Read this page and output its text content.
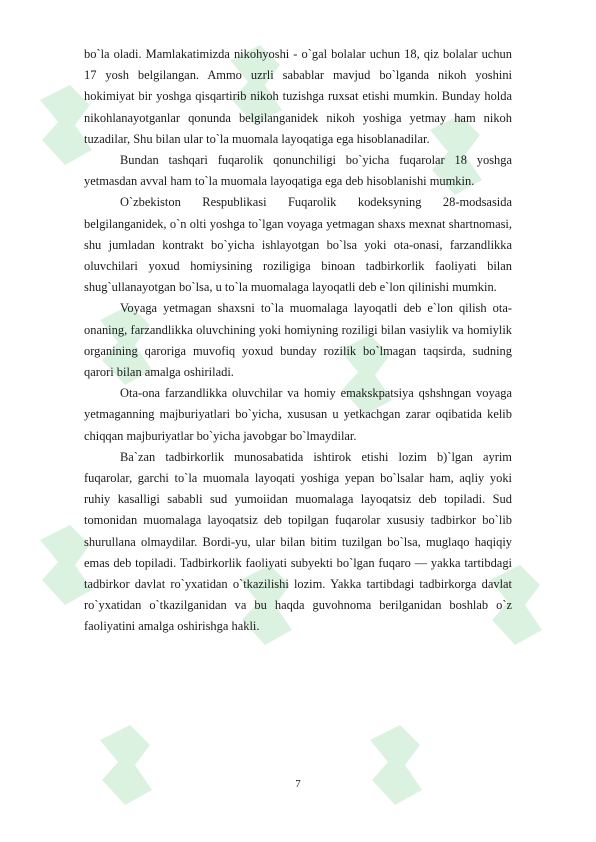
bo`la oladi. Mamlakatimizda nikohyoshi - o`gal bolalar uchun 18, qiz bolalar uchun 17 yosh belgilangan. Ammo uzrli sabablar mavjud bo`lganda nikoh yoshini hokimiyat bir yoshga qisqartirib nikoh tuzishga ruxsat etishi mumkin. Bunday holda nikohlanayotganlar qonunda belgilanganidek nikoh yoshiga yetmay ham nikoh tuzadilar, Shu bilan ular to`la muomala layoqatiga ega hisoblanadilar.

Bundan tashqari fuqarolik qonunchiligi bo`yicha fuqarolar 18 yoshga yetmasdan avval ham to`la muomala layoqatiga ega deb hisoblanishi mumkin.

O`zbekiston Respublikasi Fuqarolik kodeksyning 28-modsasida belgilanganidek, o`n olti yoshga to`lgan voyaga yetmagan shaxs mexnat shartnomasi, shu jumladan kontrakt bo`yicha ishlayotgan bo`lsa yoki ota-onasi, farzandlikka oluvchilari yoxud homiysining roziligiga binoan tadbirkorlik faoliyati bilan shug`ullanayotgan bo`lsa, u to`la muomalaga layoqatli deb e`lon qilinishi mumkin.

Voyaga yetmagan shaxsni to`la muomalaga layoqatli deb e`lon qilish ota-onaning, farzandlikka oluvchining yoki homiyning roziligi bilan vasiylik va homiylik organining qaroriga muvofiq yoxud bunday rozilik bo`lmagan taqsirda, sudning qarori bilan amalga oshiriladi.

Ota-ona farzandlikka oluvchilar va homiy emakskpatsiya qshshngan voyaga yetmaganning majburiyatlari bo`yicha, xususan u yetkachgan zarar oqibatida kelib chiqqan majburiyatlar bo`yicha javobgar bo`lmaydilar.

Ba`zan tadbirkorlik munosabatida ishtirok etishi lozim b)`lgan ayrim fuqarolar, garchi to`la muomala layoqati yoshiga yepan bo`lsalar ham, aqliy yoki ruhiy kasalligi sababli sud yumoiidan muomalaga layoqatsiz deb topiladi. Sud tomonidan muomalaga layoqatsiz deb topilgan fuqarolar xususiy tadbirkor bo`lib shurullana olmaydilar. Bordi-yu, ular bilan bitim tuzilgan bo`lsa, muglaqo haqiqiy emas deb topiladi. Tadbirkorlik faoliyati subyekti bo`lgan fuqaro — yakka tartibdagi tadbirkor davlat ro`yxatidan o`tkazilishi lozim. Yakka tartibdagi tadbirkorga davlat ro`yxatidan o`tkazilganidan va bu haqda guvohnoma berilganidan boshlab o`z faoliyatini amalga oshirishga hakli.

7
